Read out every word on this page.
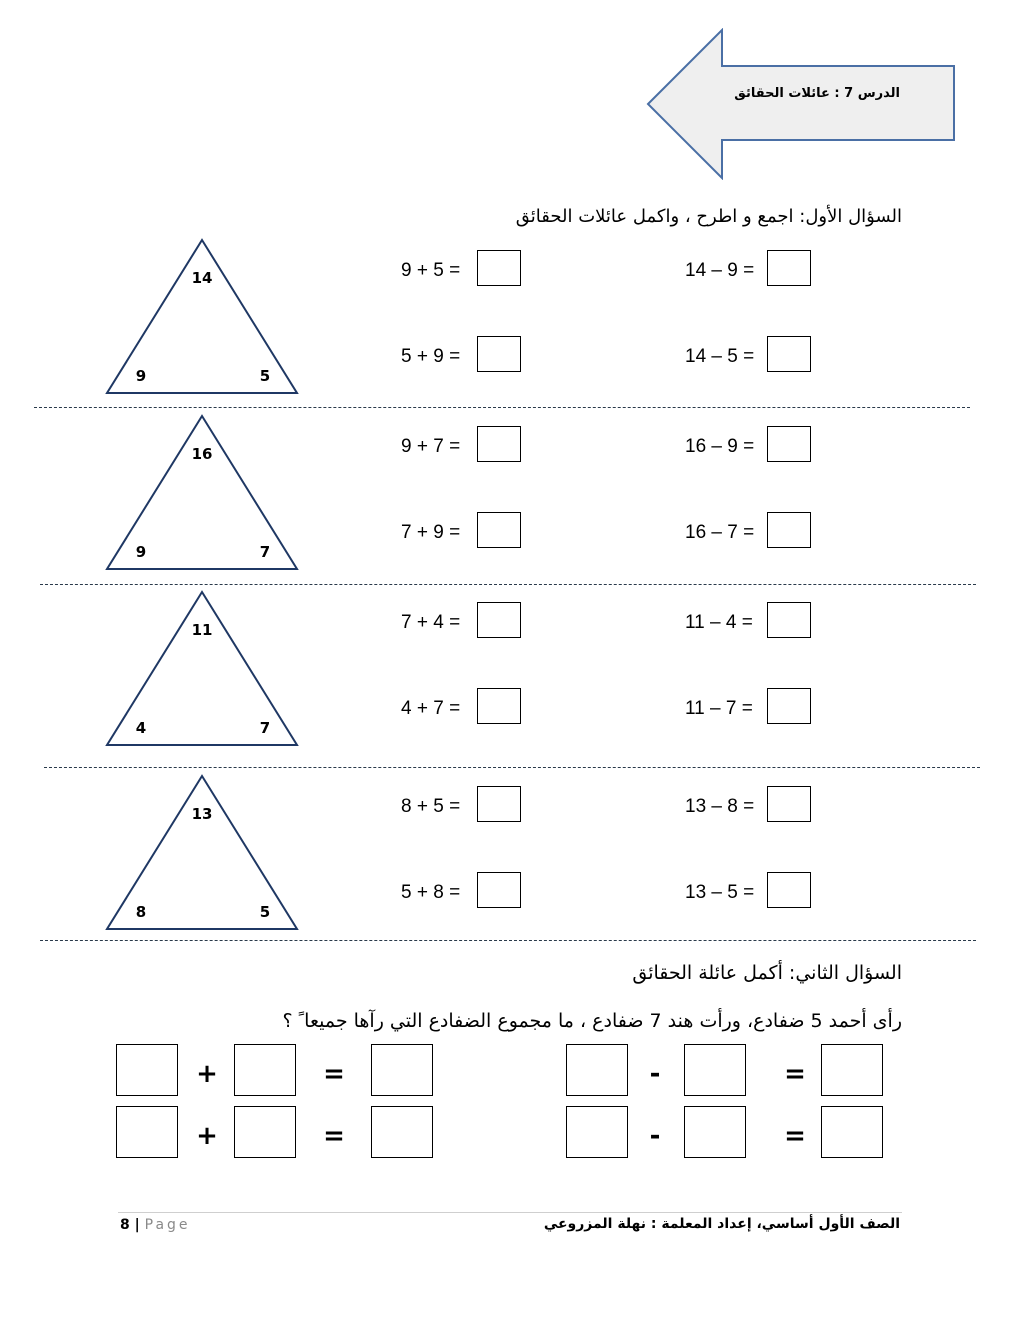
الدرس 7 : عائلات الحقائق
السؤال الأول: اجمع و اطرح ، واكمل عائلات الحقائق
14
9	5
9 + 5 =
5 + 9 =
14 – 9 =
14 – 5 =
16
9	7
9 + 7 =
7 + 9 =
16 – 9 =
16 – 7 =
11
4	7
7 + 4 =
4 + 7 =
11 – 4 =
11 – 7 =
13
8	5
8 + 5 =
5 + 8 =
13 – 8 =
13 – 5 =
السؤال الثاني: أكمل عائلة الحقائق
رأى أحمد 5 ضفادع، ورأت هند 7 ضفادع ، ما مجموع الضفادع التي رآها جميعا ً ؟
+	=	-	=
+	=	-	=
8 | Page	الصف الأول أساسي، إعداد المعلمة : نهلة المزروعي
